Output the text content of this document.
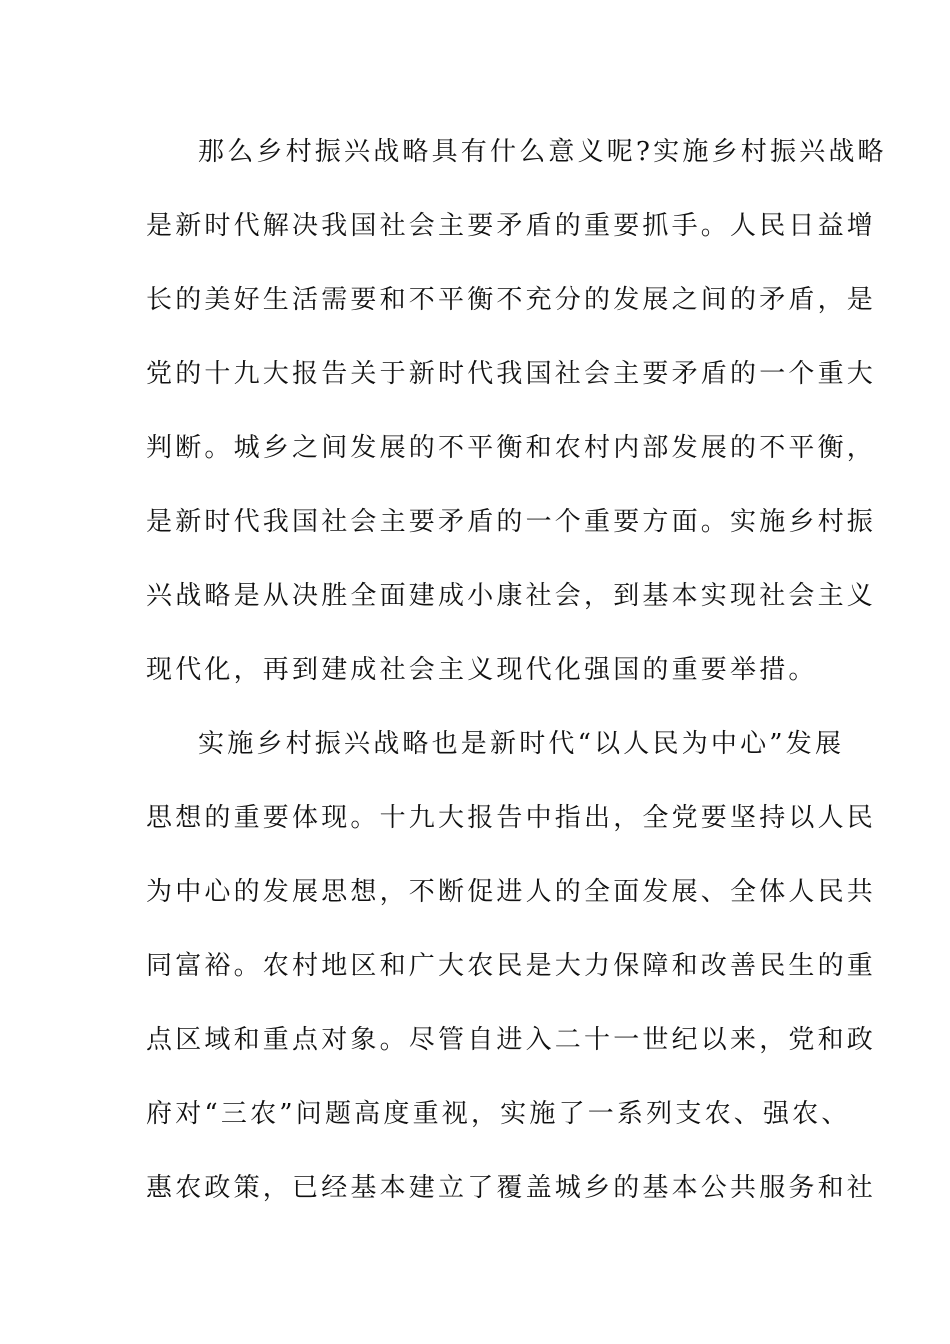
那么乡村振兴战略具有什么意义呢?实施乡村振兴战略
是新时代解决我国社会主要矛盾的重要抓手。人民日益增
长的美好生活需要和不平衡不充分的发展之间的矛盾，是
党的十九大报告关于新时代我国社会主要矛盾的一个重大
判断。城乡之间发展的不平衡和农村内部发展的不平衡，
是新时代我国社会主要矛盾的一个重要方面。实施乡村振
兴战略是从决胜全面建成小康社会，到基本实现社会主义
现代化，再到建成社会主义现代化强国的重要举措。
实施乡村振兴战略也是新时代“以人民为中心”发展
思想的重要体现。十九大报告中指出，全党要坚持以人民
为中心的发展思想，不断促进人的全面发展、全体人民共
同富裕。农村地区和广大农民是大力保障和改善民生的重
点区域和重点对象。尽管自进入二十一世纪以来，党和政
府对“三农”问题高度重视，实施了一系列支农、强农、
惠农政策，已经基本建立了覆盖城乡的基本公共服务和社
